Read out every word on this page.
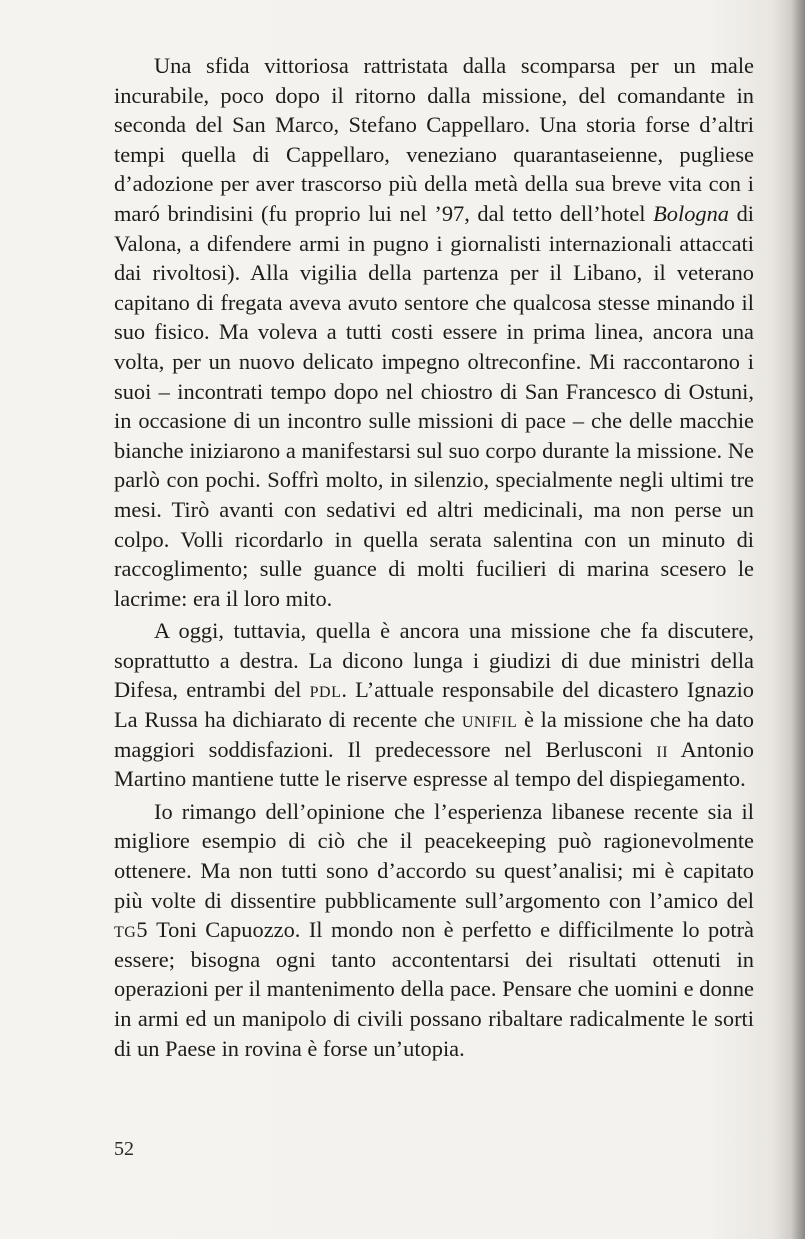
Una sfida vittoriosa rattristata dalla scomparsa per un male incurabile, poco dopo il ritorno dalla missione, del comandante in seconda del San Marco, Stefano Cappellaro. Una storia forse d’altri tempi quella di Cappellaro, veneziano quarantaseienne, pugliese d’adozione per aver trascorso più della metà della sua breve vita con i maró brindisini (fu proprio lui nel ’97, dal tetto dell’hotel Bologna di Valona, a difendere armi in pugno i giornalisti internazionali attaccati dai rivoltosi). Alla vigilia della partenza per il Libano, il veterano capitano di fregata aveva avuto sentore che qualcosa stesse minando il suo fisico. Ma voleva a tutti costi essere in prima linea, ancora una volta, per un nuovo delicato impegno oltreconfine. Mi raccontarono i suoi – incontrati tempo dopo nel chiostro di San Francesco di Ostuni, in occasione di un incontro sulle missioni di pace – che delle macchie bianche iniziarono a manifestarsi sul suo corpo durante la missione. Ne parlò con pochi. Soffrì molto, in silenzio, specialmente negli ultimi tre mesi. Tirò avanti con sedativi ed altri medicinali, ma non perse un colpo. Volli ricordarlo in quella serata salentina con un minuto di raccoglimento; sulle guance di molti fucilieri di marina scesero le lacrime: era il loro mito.

A oggi, tuttavia, quella è ancora una missione che fa discutere, soprattutto a destra. La dicono lunga i giudizi di due ministri della Difesa, entrambi del pdl. L’attuale responsabile del dicastero Ignazio La Russa ha dichiarato di recente che unifil è la missione che ha dato maggiori soddisfazioni. Il predecessore nel Berlusconi ii Antonio Martino mantiene tutte le riserve espresse al tempo del dispiegamento.

Io rimango dell’opinione che l’esperienza libanese recente sia il migliore esempio di ciò che il peacekeeping può ragionevolmente ottenere. Ma non tutti sono d’accordo su quest’analisi; mi è capitato più volte di dissentire pubblicamente sull’argomento con l’amico del tg5 Toni Capuozzo. Il mondo non è perfetto e difficilmente lo potrà essere; bisogna ogni tanto accontentarsi dei risultati ottenuti in operazioni per il mantenimento della pace. Pensare che uomini e donne in armi ed un manipolo di civili possano ribaltare radicalmente le sorti di un Paese in rovina è forse un’utopia.

52
